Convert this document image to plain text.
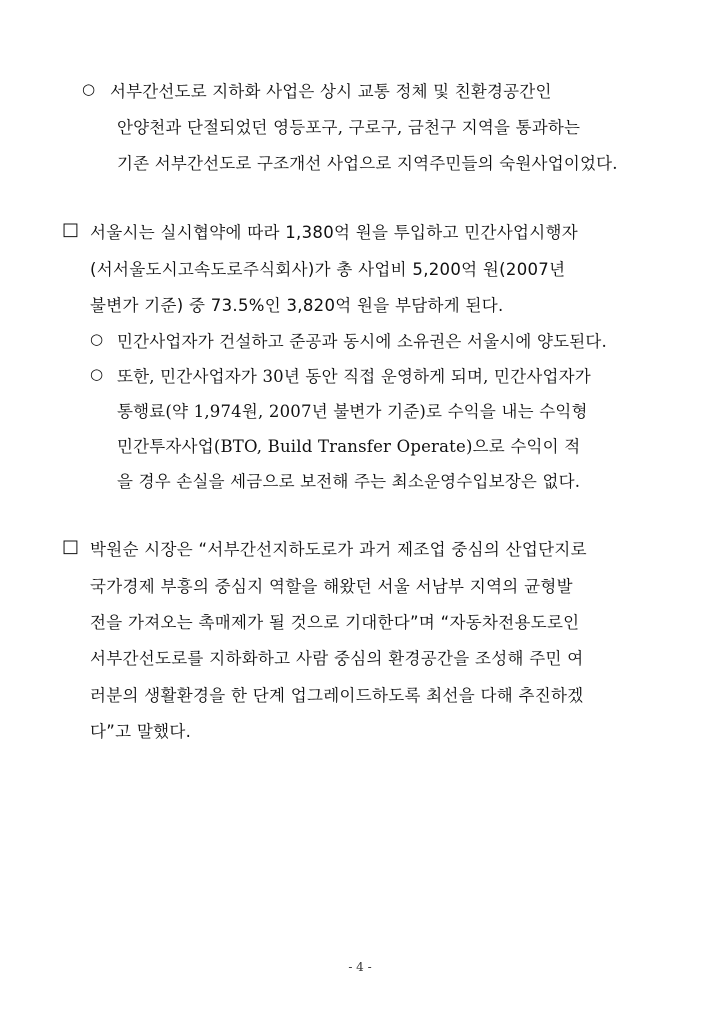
○ 서부간선도로 지하화 사업은 상시 교통 정체 및 친환경공간인
안양천과 단절되었던 영등포구, 구로구, 금천구 지역을 통과하는
기존 서부간선도로 구조개선 사업으로 지역주민들의 숙원사업이었다.
□ 서울시는 실시협약에 따라 1,380억 원을 투입하고 민간사업시행자
(서서울도시고속도로주식회사)가 총 사업비 5,200억 원(2007년
불변가 기준) 중 73.5%인 3,820억 원을 부담하게 된다.
○ 민간사업자가 건설하고 준공과 동시에 소유권은 서울시에 양도된다.
○ 또한, 민간사업자가 30년 동안 직접 운영하게 되며, 민간사업자가
통행료(약 1,974원, 2007년 불변가 기준)로 수익을 내는 수익형
민간투자사업(BTO, Build Transfer Operate)으로 수익이 적
을 경우 손실을 세금으로 보전해 주는 최소운영수입보장은 없다.
□ 박원순 시장은 “서부간선지하도로가 과거 제조업 중심의 산업단지로
국가경제 부흥의 중심지 역할을 해왔던 서울 서남부 지역의 균형발
전을 가져오는 촉매제가 될 것으로 기대한다”며 “자동차전용도로인
서부간선도로를 지하화하고 사람 중심의 환경공간을 조성해 주민 여
러분의 생활환경을 한 단계 업그레이드하도록 최선을 다해 추진하겠
다”고 말했다.
- 4 -
